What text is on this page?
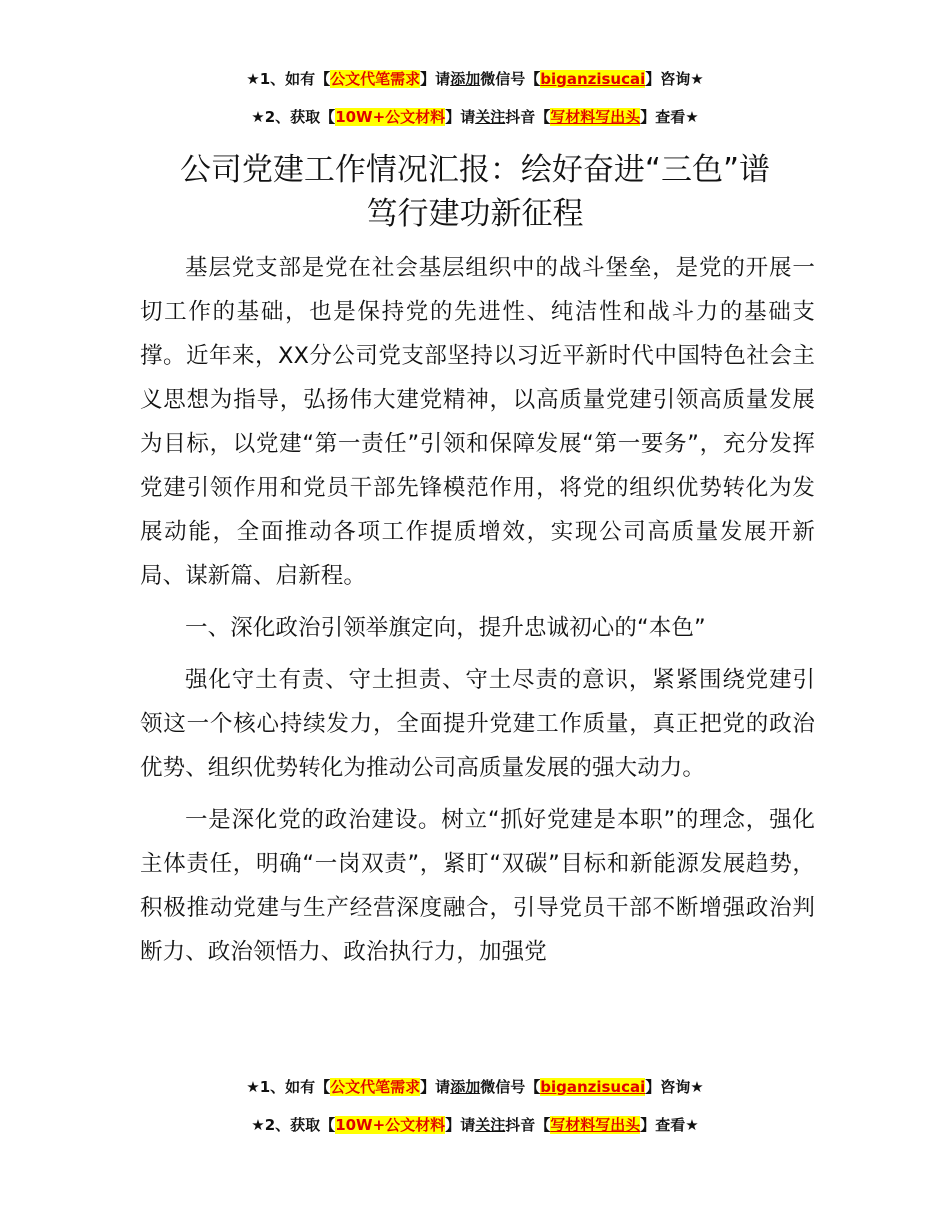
★1、如有【公文代笔需求】请添加微信号【biganzisucai】咨询★
★2、获取【10W+公文材料】请关注抖音【写材料写出头】查看★
公司党建工作情况汇报：绘好奋进“三色”谱
笃行建功新征程

基层党支部是党在社会基层组织中的战斗堡垒，是党的开展一切工作的基础，也是保持党的先进性、纯洁性和战斗力的基础支撑。近年来，XX分公司党支部坚持以习近平新时代中国特色社会主义思想为指导，弘扬伟大建党精神，以高质量党建引领高质量发展为目标，以党建“第一责任”引领和保障发展“第一要务”，充分发挥党建引领作用和党员干部先锋模范作用，将党的组织优势转化为发展动能，全面推动各项工作提质增效，实现公司高质量发展开新局、谋新篇、启新程。

一、深化政治引领举旗定向，提升忠诚初心的“本色”

强化守土有责、守土担责、守土尽责的意识，紧紧围绕党建引领这一个核心持续发力，全面提升党建工作质量，真正把党的政治优势、组织优势转化为推动公司高质量发展的强大动力。

一是深化党的政治建设。树立“抓好党建是本职”的理念，强化主体责任，明确“一岗双责”，紧盯“双碳”目标和新能源发展趋势，积极推动党建与生产经营深度融合，引导党员干部不断增强政治判断力、政治领悟力、政治执行力，加强党

★1、如有【公文代笔需求】请添加微信号【biganzisucai】咨询★
★2、获取【10W+公文材料】请关注抖音【写材料写出头】查看★
